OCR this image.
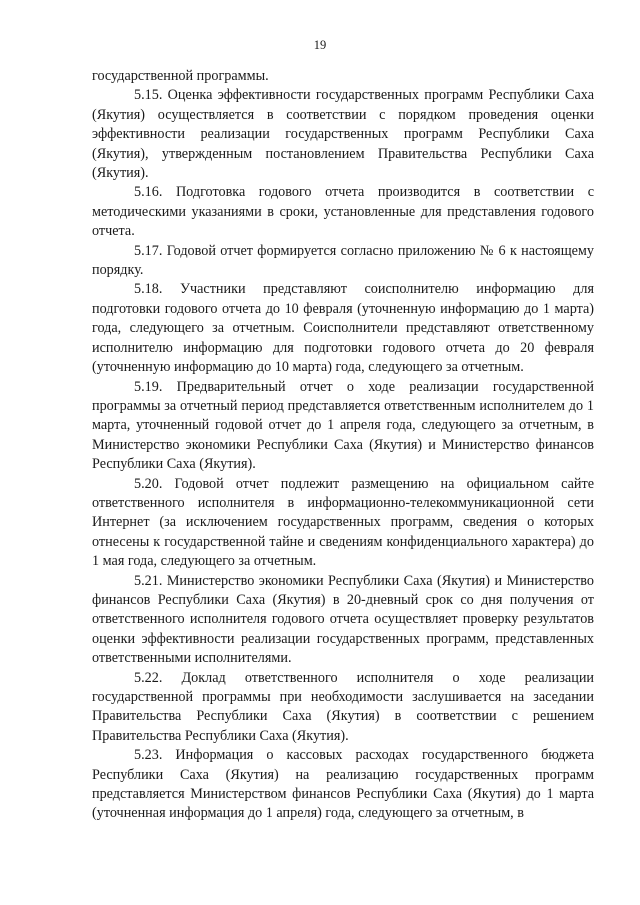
19

государственной программы.

5.15. Оценка эффективности государственных программ Республики Саха (Якутия) осуществляется в соответствии с порядком проведения оценки эффективности реализации государственных программ Республики Саха (Якутия), утвержденным постановлением Правительства Республики Саха (Якутия).

5.16. Подготовка годового отчета производится в соответствии с методическими указаниями в сроки, установленные для представления годового отчета.

5.17. Годовой отчет формируется согласно приложению № 6 к настоящему порядку.

5.18. Участники представляют соисполнителю информацию для подготовки годового отчета до 10 февраля (уточненную информацию до 1 марта) года, следующего за отчетным. Соисполнители представляют ответственному исполнителю информацию для подготовки годового отчета до 20 февраля (уточненную информацию до 10 марта) года, следующего за отчетным.

5.19. Предварительный отчет о ходе реализации государственной программы за отчетный период представляется ответственным исполнителем до 1 марта, уточненный годовой отчет до 1 апреля года, следующего за отчетным, в Министерство экономики Республики Саха (Якутия) и Министерство финансов Республики Саха (Якутия).

5.20. Годовой отчет подлежит размещению на официальном сайте ответственного исполнителя в информационно-телекоммуникационной сети Интернет (за исключением государственных программ, сведения о которых отнесены к государственной тайне и сведениям конфиденциального характера) до 1 мая года, следующего за отчетным.

5.21. Министерство экономики Республики Саха (Якутия) и Министерство финансов Республики Саха (Якутия) в 20-дневный срок со дня получения от ответственного исполнителя годового отчета осуществляет проверку результатов оценки эффективности реализации государственных программ, представленных ответственными исполнителями.

5.22. Доклад ответственного исполнителя о ходе реализации государственной программы при необходимости заслушивается на заседании Правительства Республики Саха (Якутия) в соответствии с решением Правительства Республики Саха (Якутия).

5.23. Информация о кассовых расходах государственного бюджета Республики Саха (Якутия) на реализацию государственных программ представляется Министерством финансов Республики Саха (Якутия) до 1 марта (уточненная информация до 1 апреля) года, следующего за отчетным, в
